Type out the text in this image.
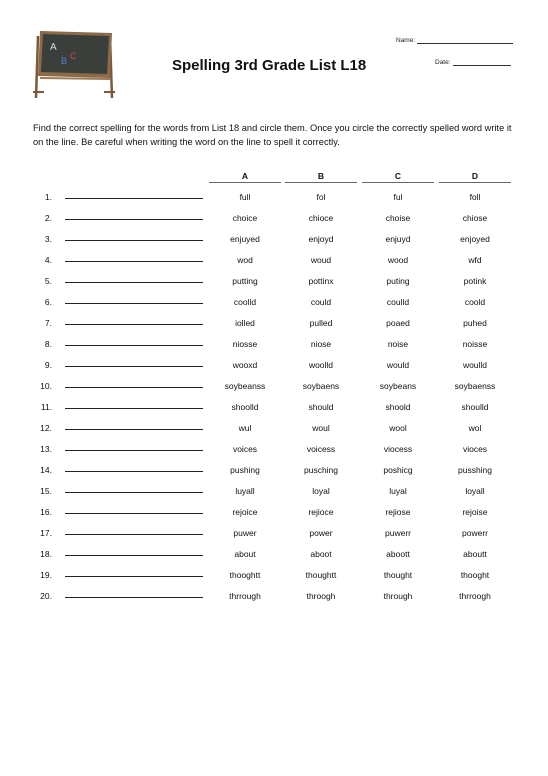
A
B C
Spelling 3rd Grade List L18
Name:
Date:
Find the correct spelling for the words from List 18 and circle them. Once you circle the correctly spelled word write it on the line. Be careful when writing the word on the line to spell it correctly.
A	B	C	D
1.	full	fol	ful	foll
2.	choice	chioce	choise	chiose
3.	enjuyed	enjoyd	enjuyd	enjoyed
4.	wod	woud	wood	wfd
5.	putting	pottinx	puting	potink
6.	coolld	could	coulld	coold
7.	iolled	pulled	poaed	puhed
8.	niosse	niose	noise	noisse
9.	wooxd	woolld	would	woulld
10.	soybeanss	soybaens	soybeans	soybaenss
11.	shoolld	should	shoold	shoulld
12.	wul	woul	wool	wol
13.	voices	voicess	viocess	vioces
14.	pushing	pusching	poshicg	pusshing
15.	luyall	loyal	luyal	loyall
16.	rejoice	rejioce	rejiose	rejoise
17.	puwer	power	puwerr	powerr
18.	about	aboot	aboott	aboutt
19.	thooghtt	thoughtt	thought	thooght
20.	thrrough	throogh	through	thrroogh
